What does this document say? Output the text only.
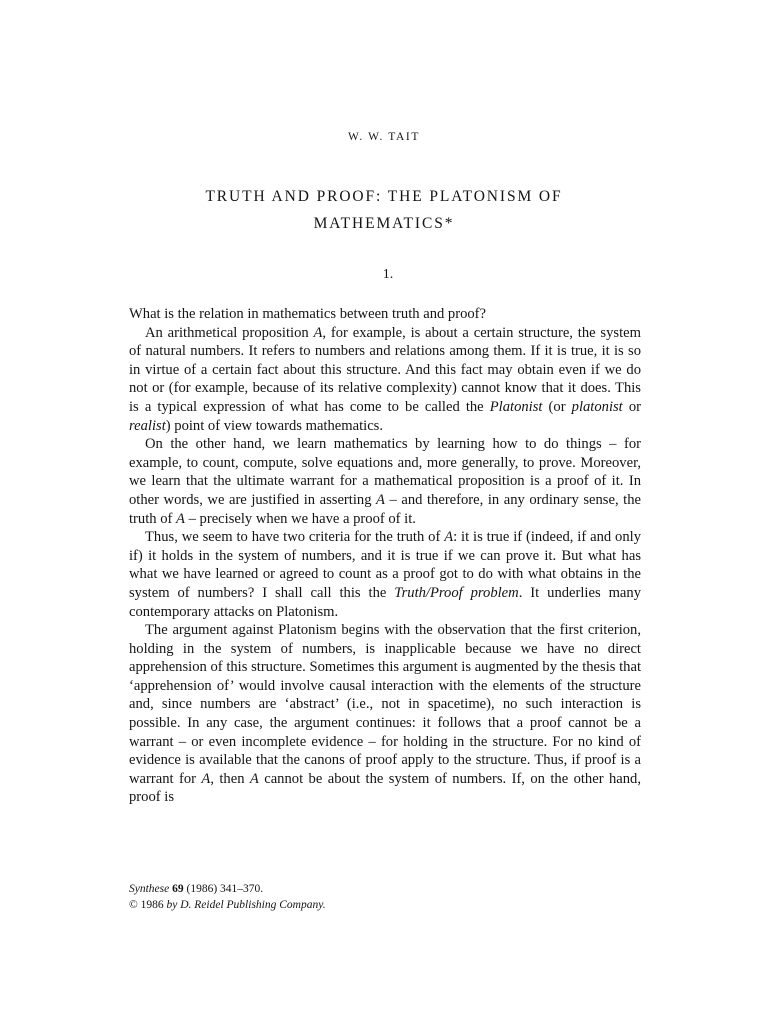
W. W. TAIT
TRUTH AND PROOF: THE PLATONISM OF
MATHEMATICS*
1.

What is the relation in mathematics between truth and proof?

An arithmetical proposition A, for example, is about a certain structure, the system of natural numbers. It refers to numbers and relations among them. If it is true, it is so in virtue of a certain fact about this structure. And this fact may obtain even if we do not or (for example, because of its relative complexity) cannot know that it does. This is a typical expression of what has come to be called the Platonist (or platonist or realist) point of view towards mathematics.

On the other hand, we learn mathematics by learning how to do things – for example, to count, compute, solve equations and, more generally, to prove. Moreover, we learn that the ultimate warrant for a mathematical proposition is a proof of it. In other words, we are justified in asserting A – and therefore, in any ordinary sense, the truth of A – precisely when we have a proof of it.

Thus, we seem to have two criteria for the truth of A: it is true if (indeed, if and only if) it holds in the system of numbers, and it is true if we can prove it. But what has what we have learned or agreed to count as a proof got to do with what obtains in the system of numbers? I shall call this the Truth/Proof problem. It underlies many contemporary attacks on Platonism.

The argument against Platonism begins with the observation that the first criterion, holding in the system of numbers, is inapplicable because we have no direct apprehension of this structure. Sometimes this argument is augmented by the thesis that ‘apprehension of’ would involve causal interaction with the elements of the structure and, since numbers are ‘abstract’ (i.e., not in spacetime), no such interaction is possible. In any case, the argument continues: it follows that a proof cannot be a warrant – or even incomplete evidence – for holding in the structure. For no kind of evidence is available that the canons of proof apply to the structure. Thus, if proof is a warrant for A, then A cannot be about the system of numbers. If, on the other hand, proof is

Synthese 69 (1986) 341–370.
© 1986 by D. Reidel Publishing Company.
